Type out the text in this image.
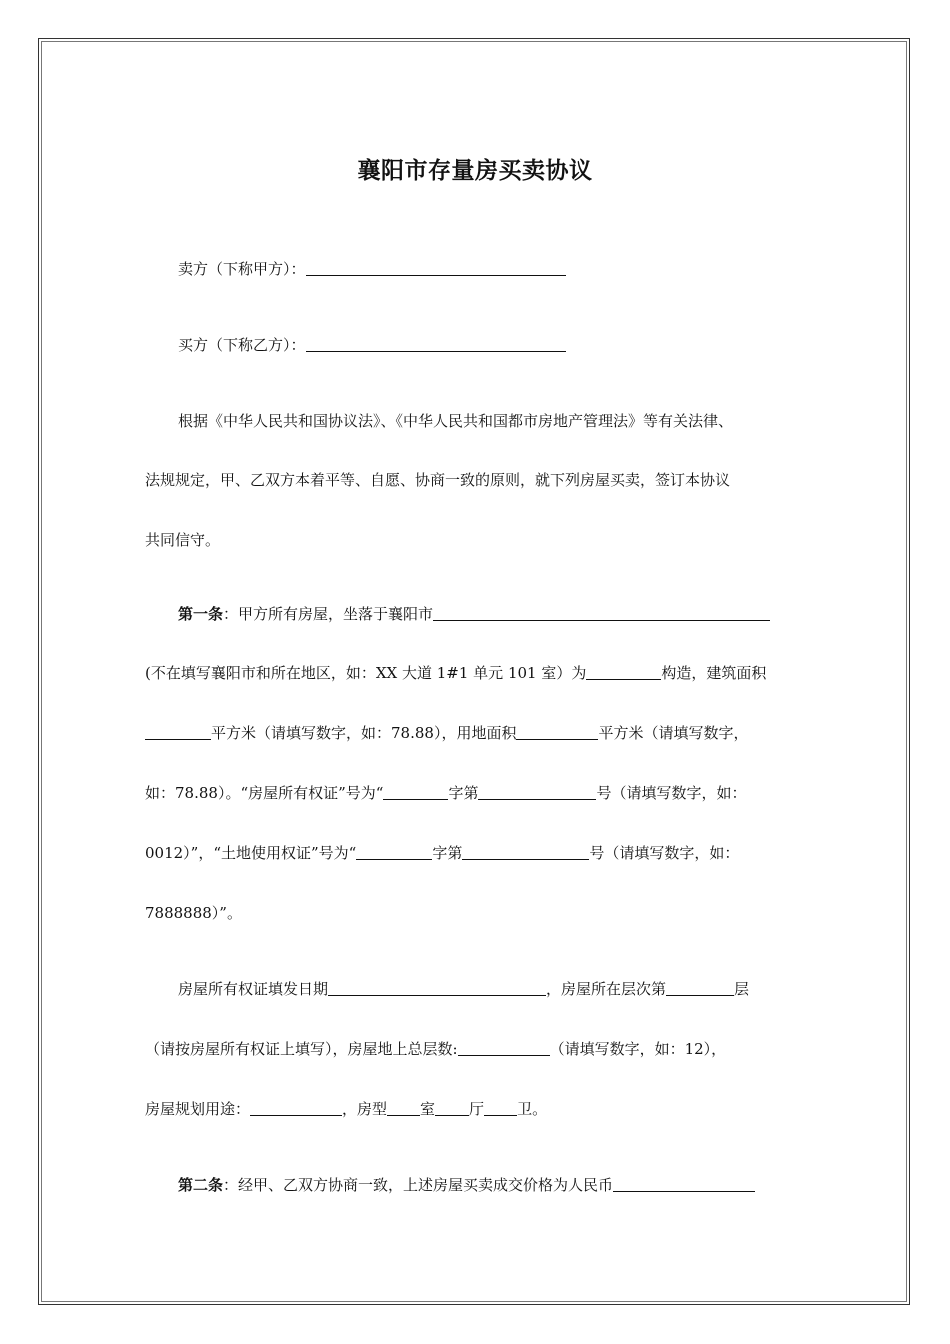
襄阳市存量房买卖协议
卖方（下称甲方）：
买方（下称乙方）：
根据《中华人民共和国协议法》、《中华人民共和国都市房地产管理法》等有关法律、
法规规定，甲、乙双方本着平等、自愿、协商一致的原则，就下列房屋买卖，签订本协议
共同信守。
第一条：甲方所有房屋，坐落于襄阳市
(不在填写襄阳市和所在地区，如：XX 大道 1#1 单元 101 室）为	构造，建筑面积
平方米（请填写数字，如：78.88），用地面积	平方米（请填写数字，
如：78.88）。“房屋所有权证”号为“	字第	号（请填写数字，如：
0012）”，“土地使用权证”号为“	字第	号（请填写数字，如：
7888888）”。
房屋所有权证填发日期	，房屋所在层次第	层
（请按房屋所有权证上填写），房屋地上总层数:	（请填写数字，如：12），
房屋规划用途：	，房型 室 厅 卫。
第二条：经甲、乙双方协商一致，上述房屋买卖成交价格为人民币
